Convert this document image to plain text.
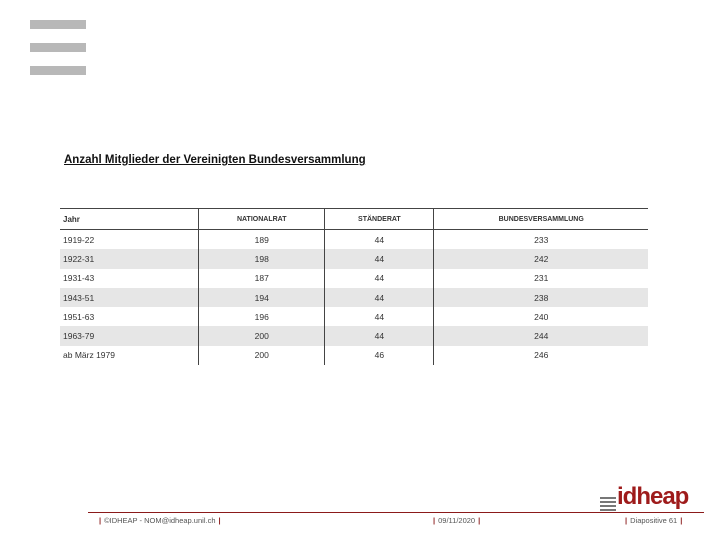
Anzahl Mitglieder der Vereinigten Bundesversammlung
Jahr	NATIONALRAT	STÄNDERAT	BUNDESVERSAMMLUNG
1919-22	189	44	233
1922-31	198	44	242
1931-43	187	44	231
1943-51	194	44	238
1951-63	196	44	240
1963-79	200	44	244
ab März 1979	200	46	246
idheap
| ©IDHEAP - NOM@idheap.unil.ch |	| 09/11/2020 |	| Diapositive 61 |
